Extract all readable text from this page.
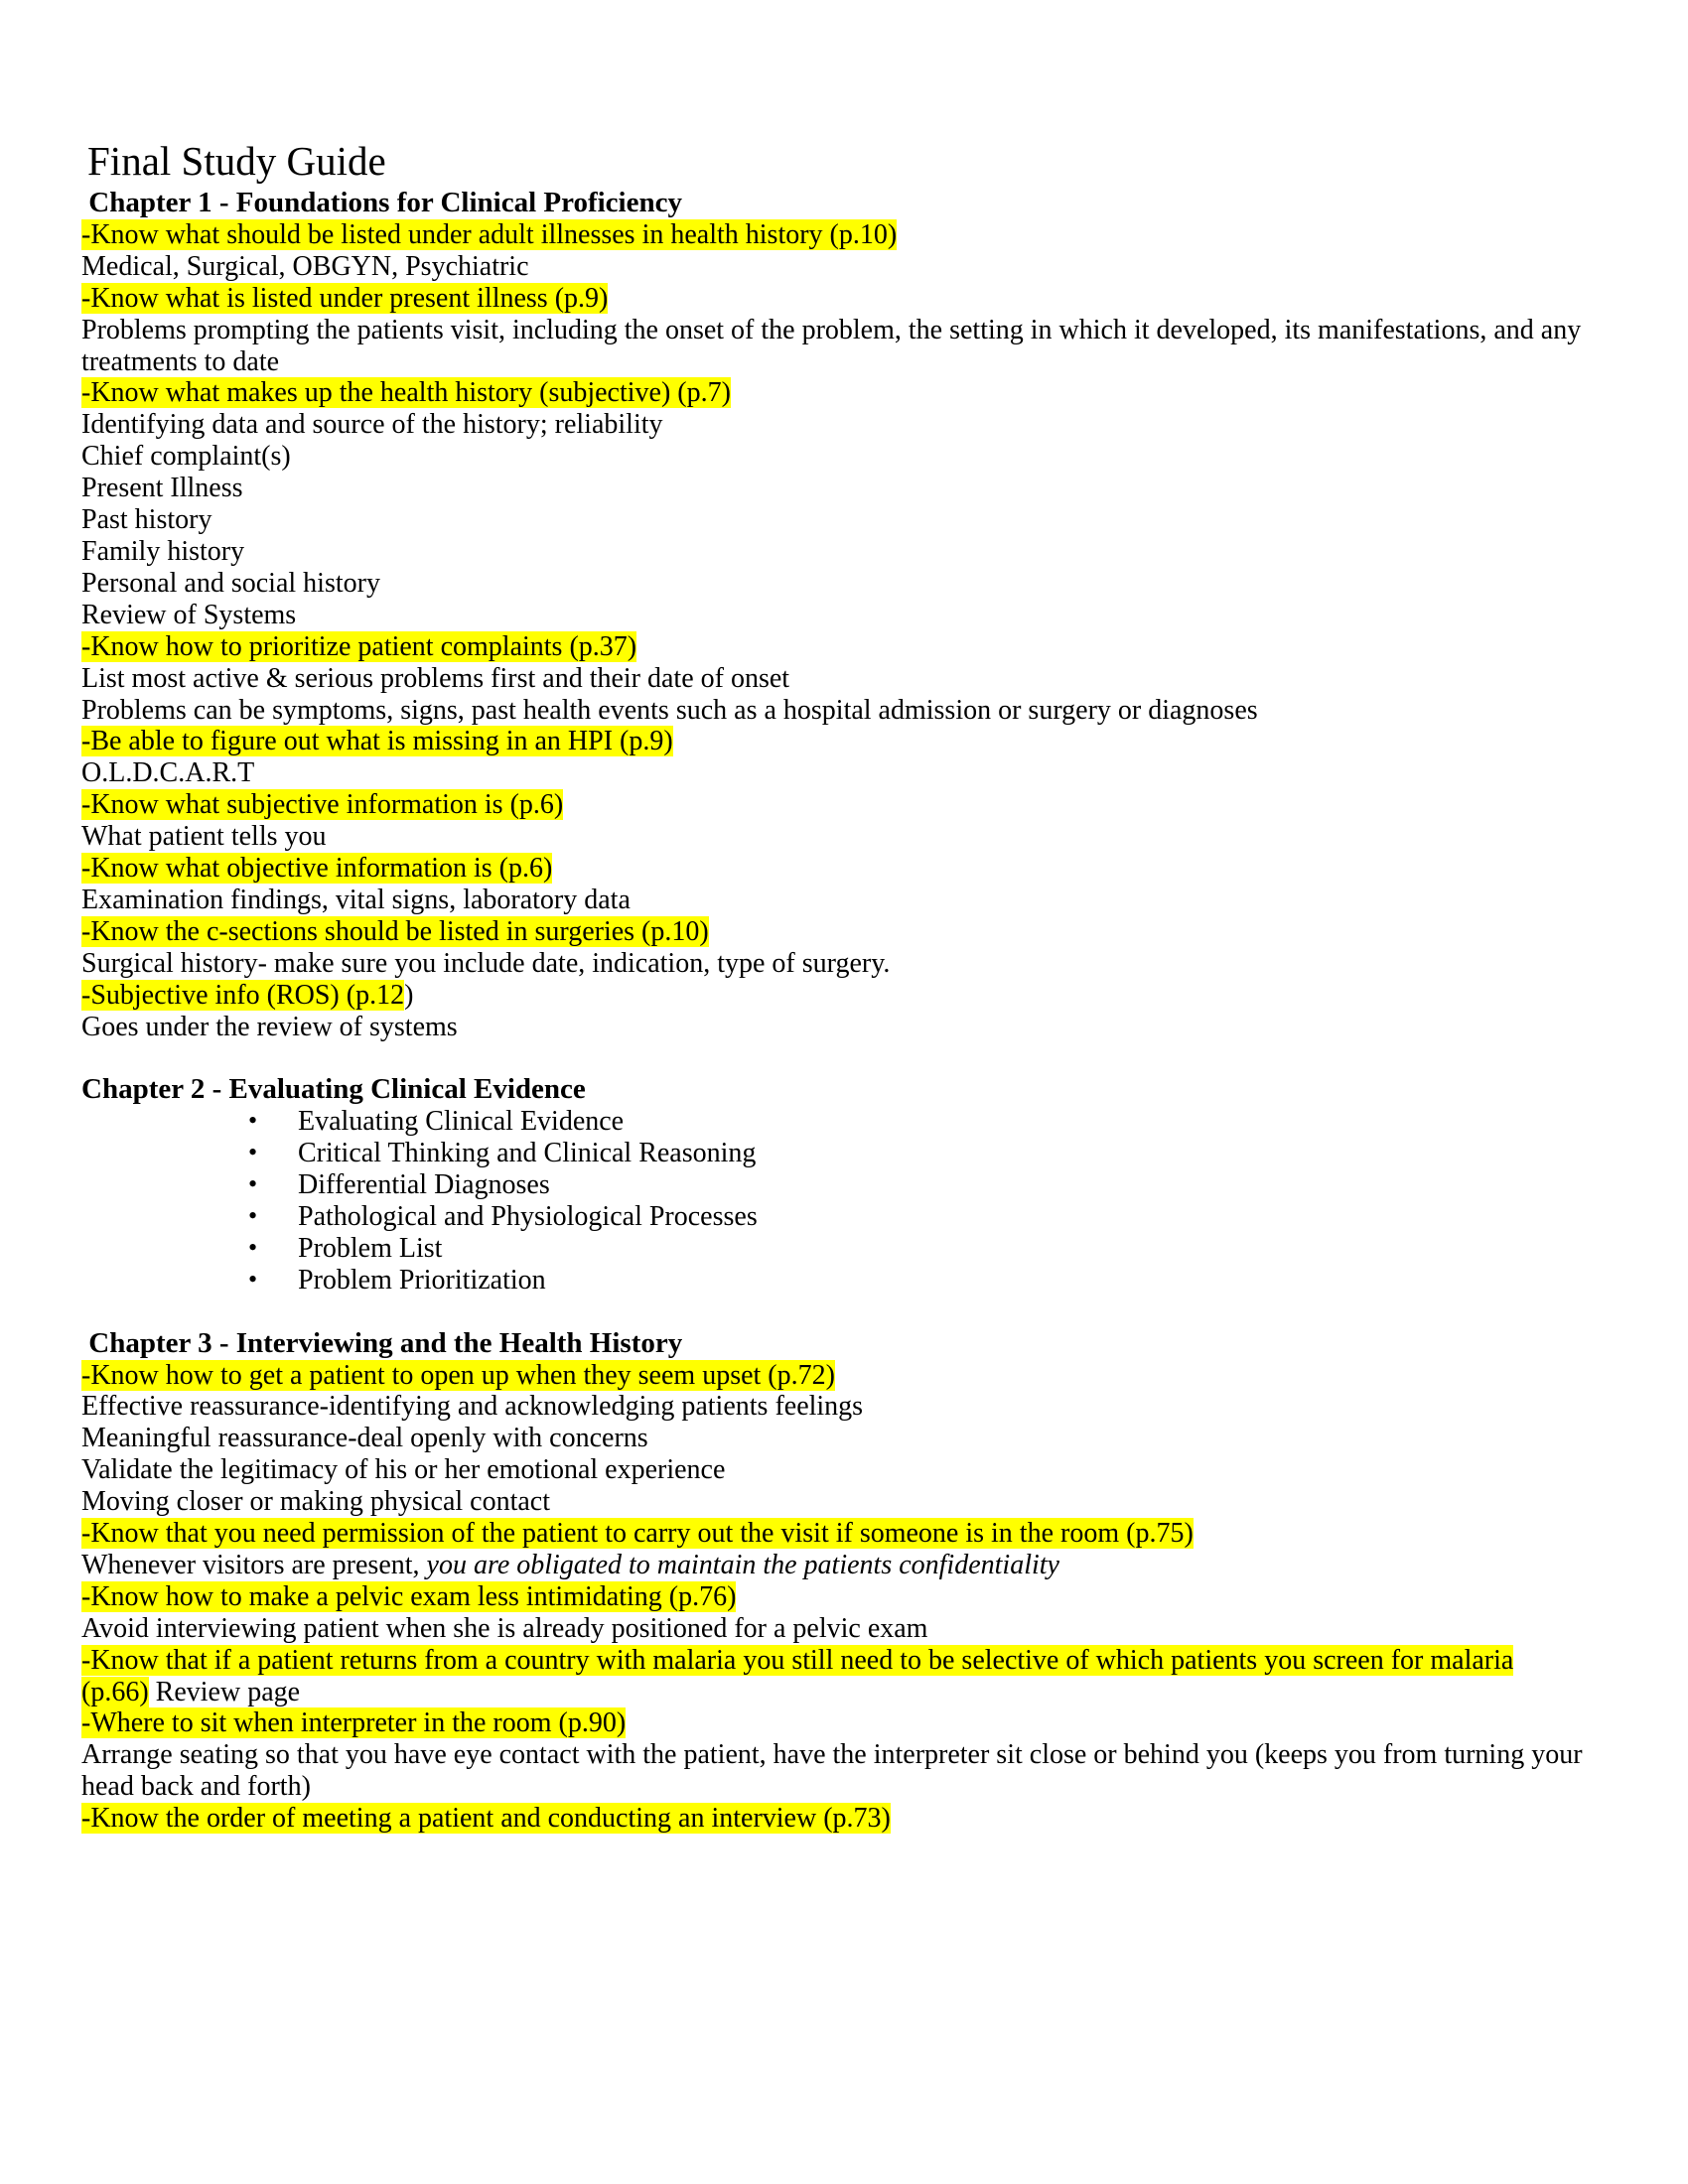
Final Study Guide
Chapter 1 - Foundations for Clinical Proficiency
-Know what should be listed under adult illnesses in health history (p.10)
Medical, Surgical, OBGYN, Psychiatric
-Know what is listed under present illness (p.9)
Problems prompting the patients visit, including the onset of the problem, the setting in which it developed, its manifestations, and any
treatments to date
-Know what makes up the health history (subjective) (p.7)
Identifying data and source of the history; reliability
Chief complaint(s)
Present Illness
Past history
Family history
Personal and social history
Review of Systems
-Know how to prioritize patient complaints (p.37)
List most active & serious problems first and their date of onset
Problems can be symptoms, signs, past health events such as a hospital admission or surgery or diagnoses
-Be able to figure out what is missing in an HPI (p.9)
O.L.D.C.A.R.T
-Know what subjective information is (p.6)
What patient tells you
-Know what objective information is (p.6)
Examination findings, vital signs, laboratory data
-Know the c-sections should be listed in surgeries (p.10)
Surgical history- make sure you include date, indication, type of surgery.
-Subjective info (ROS) (p.12)
Goes under the review of systems
Chapter 2 - Evaluating Clinical Evidence
• Evaluating Clinical Evidence
• Critical Thinking and Clinical Reasoning
• Differential Diagnoses
• Pathological and Physiological Processes
• Problem List
• Problem Prioritization
Chapter 3 - Interviewing and the Health History
-Know how to get a patient to open up when they seem upset (p.72)
Effective reassurance-identifying and acknowledging patients feelings
Meaningful reassurance-deal openly with concerns
Validate the legitimacy of his or her emotional experience
Moving closer or making physical contact
-Know that you need permission of the patient to carry out the visit if someone is in the room (p.75)
Whenever visitors are present, you are obligated to maintain the patients confidentiality
-Know how to make a pelvic exam less intimidating (p.76)
Avoid interviewing patient when she is already positioned for a pelvic exam
-Know that if a patient returns from a country with malaria you still need to be selective of which patients you screen for malaria
(p.66) Review page
-Where to sit when interpreter in the room (p.90)
Arrange seating so that you have eye contact with the patient, have the interpreter sit close or behind you (keeps you from turning your
head back and forth)
-Know the order of meeting a patient and conducting an interview (p.73)
